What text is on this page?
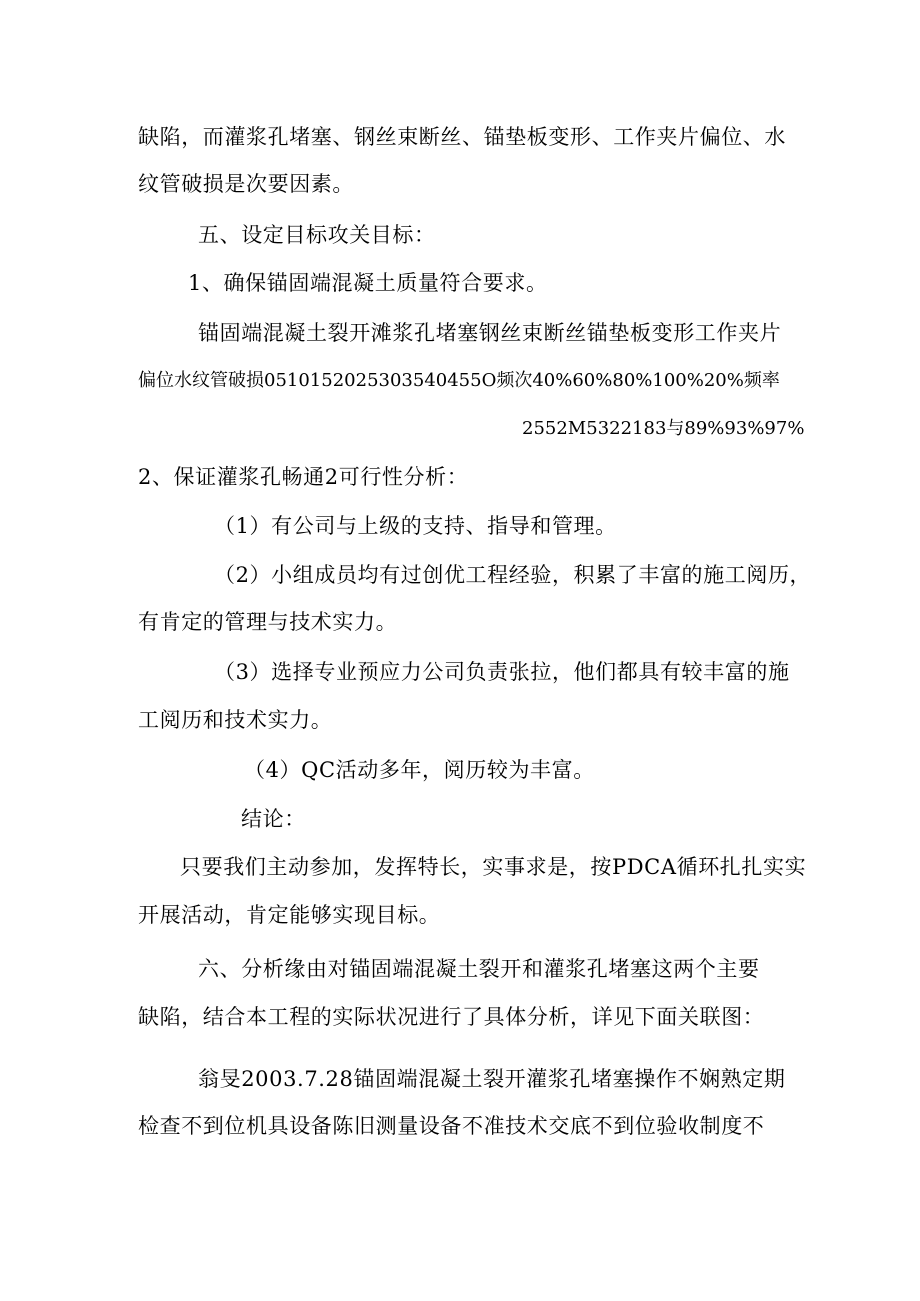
缺陷，而灌浆孔堵塞、钢丝束断丝、锚垫板变形、工作夹片偏位、水
纹管破损是次要因素。
五、设定目标攻关目标：
1、确保锚固端混凝土质量符合要求。
锚固端混凝土裂开滩浆孔堵塞钢丝束断丝锚垫板变形工作夹片
偏位水纹管破损0510152025303540455O频次40%60%80%100%20%频率
2552M5322183与89%93%97%
2、保证灌浆孔畅通2可行性分析：
（1）有公司与上级的支持、指导和管理。
（2）小组成员均有过创优工程经验，积累了丰富的施工阅历，
有肯定的管理与技术实力。
（3）选择专业预应力公司负责张拉，他们都具有较丰富的施
工阅历和技术实力。
（4）QC活动多年，阅历较为丰富。
结论：
只要我们主动参加，发挥特长，实事求是，按PDCA循环扎扎实实
开展活动，肯定能够实现目标。
六、分析缘由对锚固端混凝土裂开和灌浆孔堵塞这两个主要
缺陷，结合本工程的实际状况进行了具体分析，详见下面关联图：
翁旻2003.7.28锚固端混凝土裂开灌浆孔堵塞操作不娴熟定期
检查不到位机具设备陈旧测量设备不准技术交底不到位验收制度不
